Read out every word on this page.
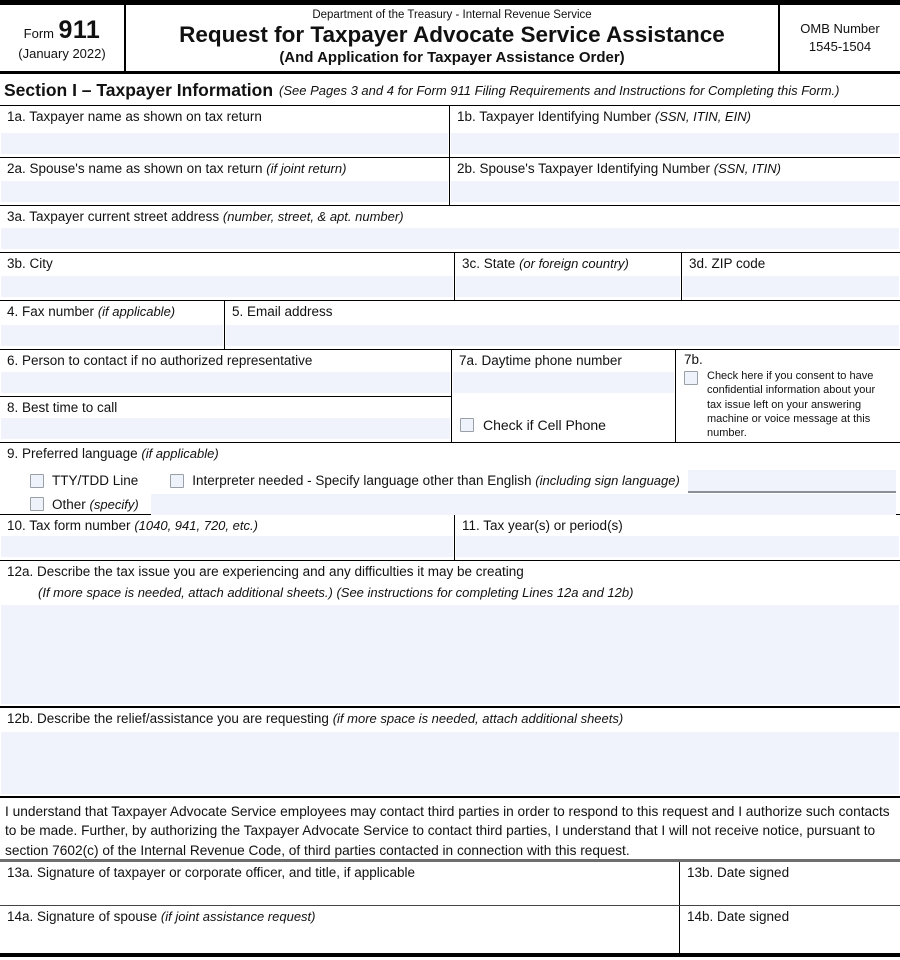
Form 911
(January 2022)
Department of the Treasury - Internal Revenue Service
Request for Taxpayer Advocate Service Assistance
(And Application for Taxpayer Assistance Order)
OMB Number
1545-1504
Section I – Taxpayer Information (See Pages 3 and 4 for Form 911 Filing Requirements and Instructions for Completing this Form.)
1a. Taxpayer name as shown on tax return	1b. Taxpayer Identifying Number (SSN, ITIN, EIN)
2a. Spouse's name as shown on tax return (if joint return)	2b. Spouse's Taxpayer Identifying Number (SSN, ITIN)
3a. Taxpayer current street address (number, street, & apt. number)
3b. City	3c. State (or foreign country)	3d. ZIP code
4. Fax number (if applicable)	5. Email address
6. Person to contact if no authorized representative
8. Best time to call
7a. Daytime phone number
Check if Cell Phone
7b.
Check here if you consent to have confidential information about your tax issue left on your answering machine or voice message at this number.
9. Preferred language (if applicable)
TTY/TDD Line	Interpreter needed - Specify language other than English (including sign language)
Other (specify)
10. Tax form number (1040, 941, 720, etc.)	11. Tax year(s) or period(s)
12a. Describe the tax issue you are experiencing and any difficulties it may be creating
(If more space is needed, attach additional sheets.) (See instructions for completing Lines 12a and 12b)
12b. Describe the relief/assistance you are requesting (if more space is needed, attach additional sheets)
I understand that Taxpayer Advocate Service employees may contact third parties in order to respond to this request and I authorize such contacts to be made. Further, by authorizing the Taxpayer Advocate Service to contact third parties, I understand that I will not receive notice, pursuant to section 7602(c) of the Internal Revenue Code, of third parties contacted in connection with this request.
13a. Signature of taxpayer or corporate officer, and title, if applicable	13b. Date signed
14a. Signature of spouse (if joint assistance request)	14b. Date signed
